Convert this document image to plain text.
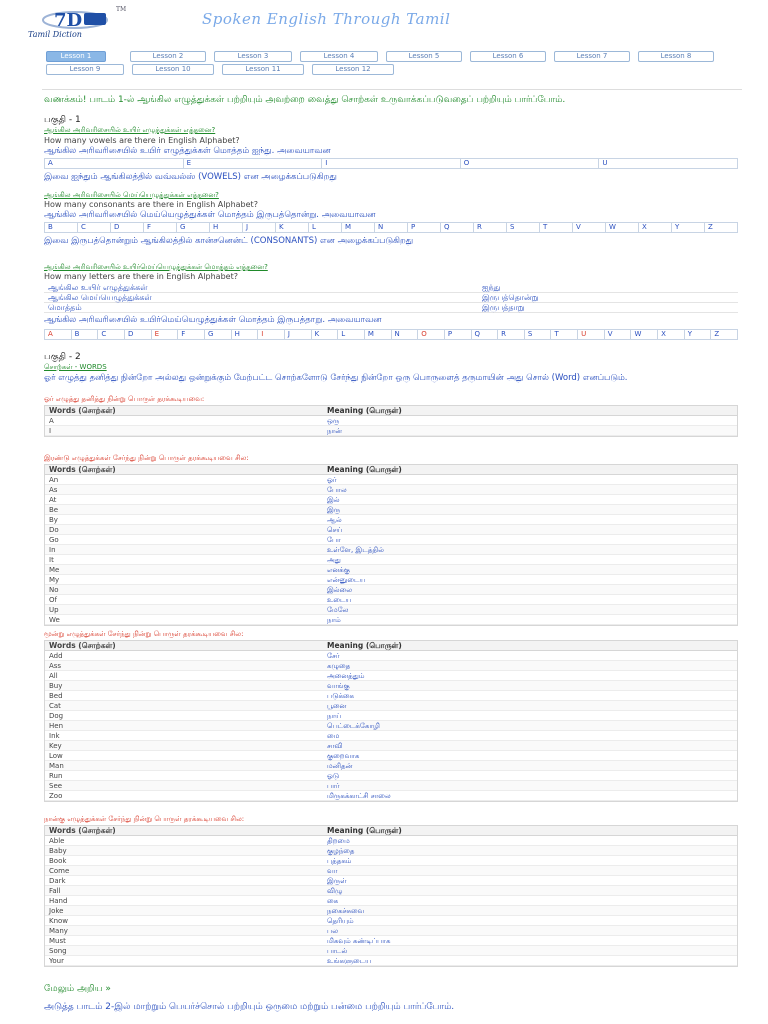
7D
TM
Tamil Diction
Spoken English Through Tamil
Lesson 1	Lesson 2	Lesson 3	Lesson 4	Lesson 5	Lesson 6	Lesson 7	Lesson 8
Lesson 9	Lesson 10	Lesson 11	Lesson 12
வணக்கம்! பாடம் 1-ல் ஆங்கில எழுத்துக்கள் பற்றியும் அவற்றை வைத்து சொற்கள் உருவாக்கப்படுவதைப் பற்றியும் பார்ப்போம்.
பகுதி - 1
ஆங்கில அரிவரிசையில் உயிர் எழுத்துக்கள் எத்தனை?
How many vowels are there in English Alphabet?
ஆங்கில அரிவரிசையில் உயிர் எழுத்துக்கள் மொத்தம் ஐந்து. அவையாவன
A	E	I	O	U
இவை ஐந்தும் ஆங்கிலத்தில் வவ்வல்ஸ் (VOWELS) என அழைக்கப்படுகிறது
ஆங்கில அரிவரிசையில் மெய்யெழுத்துக்கள் எத்தனை?
How many consonants are there in English Alphabet?
ஆங்கில அரிவரிசையில் மெய்யெழுத்துக்கள் மொத்தம் இருபத்தொன்று. அவையாவன
B	C	D	F	G	H	J	K	L	M	N	P	Q	R	S	T	V	W	X	Y	Z
இவை இருபத்தொன்றும் ஆங்கிலத்தில் கான்சனென்ட் (CONSONANTS) என அழைக்கப்படுகிறது
ஆங்கில அரிவரிசையில் உயிர்மெய்யெழுத்துக்கள் மொத்தம் எத்தனை?
How many letters are there in English Alphabet?
ஆங்கில உயிர் எழுத்துக்கள்	ஐந்து
ஆங்கில மெய்யெழுத்துக்கள்	இருபத்தொன்று
மொத்தம்	இருபத்தாறு
ஆங்கில அரிவரிசையில் உயிர்மெய்யெழுத்துக்கள் மொத்தம் இருபத்தாறு. அவையாவன
A	B	C	D	E	F	G	H	I	J	K	L	M	N	O	P	Q	R	S	T	U	V	W	X	Y	Z
பகுதி - 2
சொற்கள் - WORDS
ஓர் எழுத்து தனித்து நின்றோ அல்லது ஒன்றுக்கும் மேற்பட்ட சொற்களோடு சேர்ந்து நின்றோ ஒரு பொருளைத் தருமாயின் அது சொல் (Word) எனப்படும்.
ஓர் எழுத்து தனித்து நின்று பொருள் தரக்கூடியவை:
Words (சொற்கள்)	Meaning (பொருள்)
A	ஒரு
I	நான்
இரண்டு எழுத்துக்கள் சேர்ந்து நின்று பொருள் தரக்கூடியவை சில:
Words (சொற்கள்)	Meaning (பொருள்)
An	ஓர்
As	போல
At	இல்
Be	இரு
By	ஆல்
Do	செய்
Go	போ
In	உள்ளே, இடத்தில்
It	அது
Me	எனக்கு
My	என்னுடைய
No	இல்லை
Of	உடைய
Up	மேலே
We	நாம்
மூன்று எழுத்துக்கள் சேர்ந்து நின்று பொருள் தரக்கூடியவை சில:
Words (சொற்கள்)	Meaning (பொருள்)
Add	சேர்
Ass	கழுதை
All	அனைத்தும்
Buy	வாங்கு
Bed	படுக்கை
Cat	பூனை
Dog	நாய்
Hen	பெட்டைக்கோழி
Ink	மை
Key	சாவி
Low	குறைவாக
Man	மனிதன்
Run	ஓடு
See	பார்
Zoo	மிருகக்காட்சி சாலை
நான்கு எழுத்துக்கள் சேர்ந்து நின்று பொருள் தரக்கூடியவை சில:
Words (சொற்கள்)	Meaning (பொருள்)
Able	திறமை
Baby	குழந்தை
Book	புத்தகம்
Come	வா
Dark	இருள்
Fall	விழு
Hand	கை
Joke	நகைச்சுவை
Know	தெரியும்
Many	பல
Must	மிகவும் கண்டிப்பாக
Song	பாடல்
Your	உங்களுடைய
மேலும் அறிய »
அடுத்த பாடம் 2-இல் மாற்றும் பெயர்ச்சொல் பற்றியும் ஒருமை மற்றும் பன்மை பற்றியும் பார்ப்போம்.
